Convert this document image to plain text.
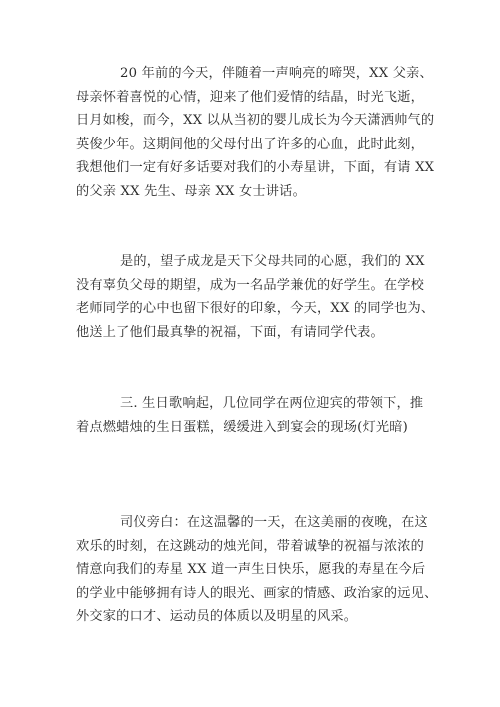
20 年前的今天，伴随着一声响亮的啼哭，XX 父亲、
母亲怀着喜悦的心情，迎来了他们爱情的结晶，时光飞逝，
日月如梭，而今，XX 以从当初的婴儿成长为今天潇洒帅气的
英俊少年。这期间他的父母付出了许多的心血，此时此刻，
我想他们一定有好多话要对我们的小寿星讲，下面，有请 XX
的父亲 XX 先生、母亲 XX 女士讲话。
是的，望子成龙是天下父母共同的心愿，我们的 XX
没有辜负父母的期望，成为一名品学兼优的好学生。在学校
老师同学的心中也留下很好的印象，今天，XX 的同学也为、
他送上了他们最真挚的祝福，下面，有请同学代表。
三. 生日歌响起，几位同学在两位迎宾的带领下，推
着点燃蜡烛的生日蛋糕，缓缓进入到宴会的现场(灯光暗)
司仪旁白：在这温馨的一天，在这美丽的夜晚，在这
欢乐的时刻，在这跳动的烛光间，带着诚挚的祝福与浓浓的
情意向我们的寿星 XX 道一声生日快乐，愿我的寿星在今后
的学业中能够拥有诗人的眼光、画家的情感、政治家的远见、
外交家的口才、运动员的体质以及明星的风采。
